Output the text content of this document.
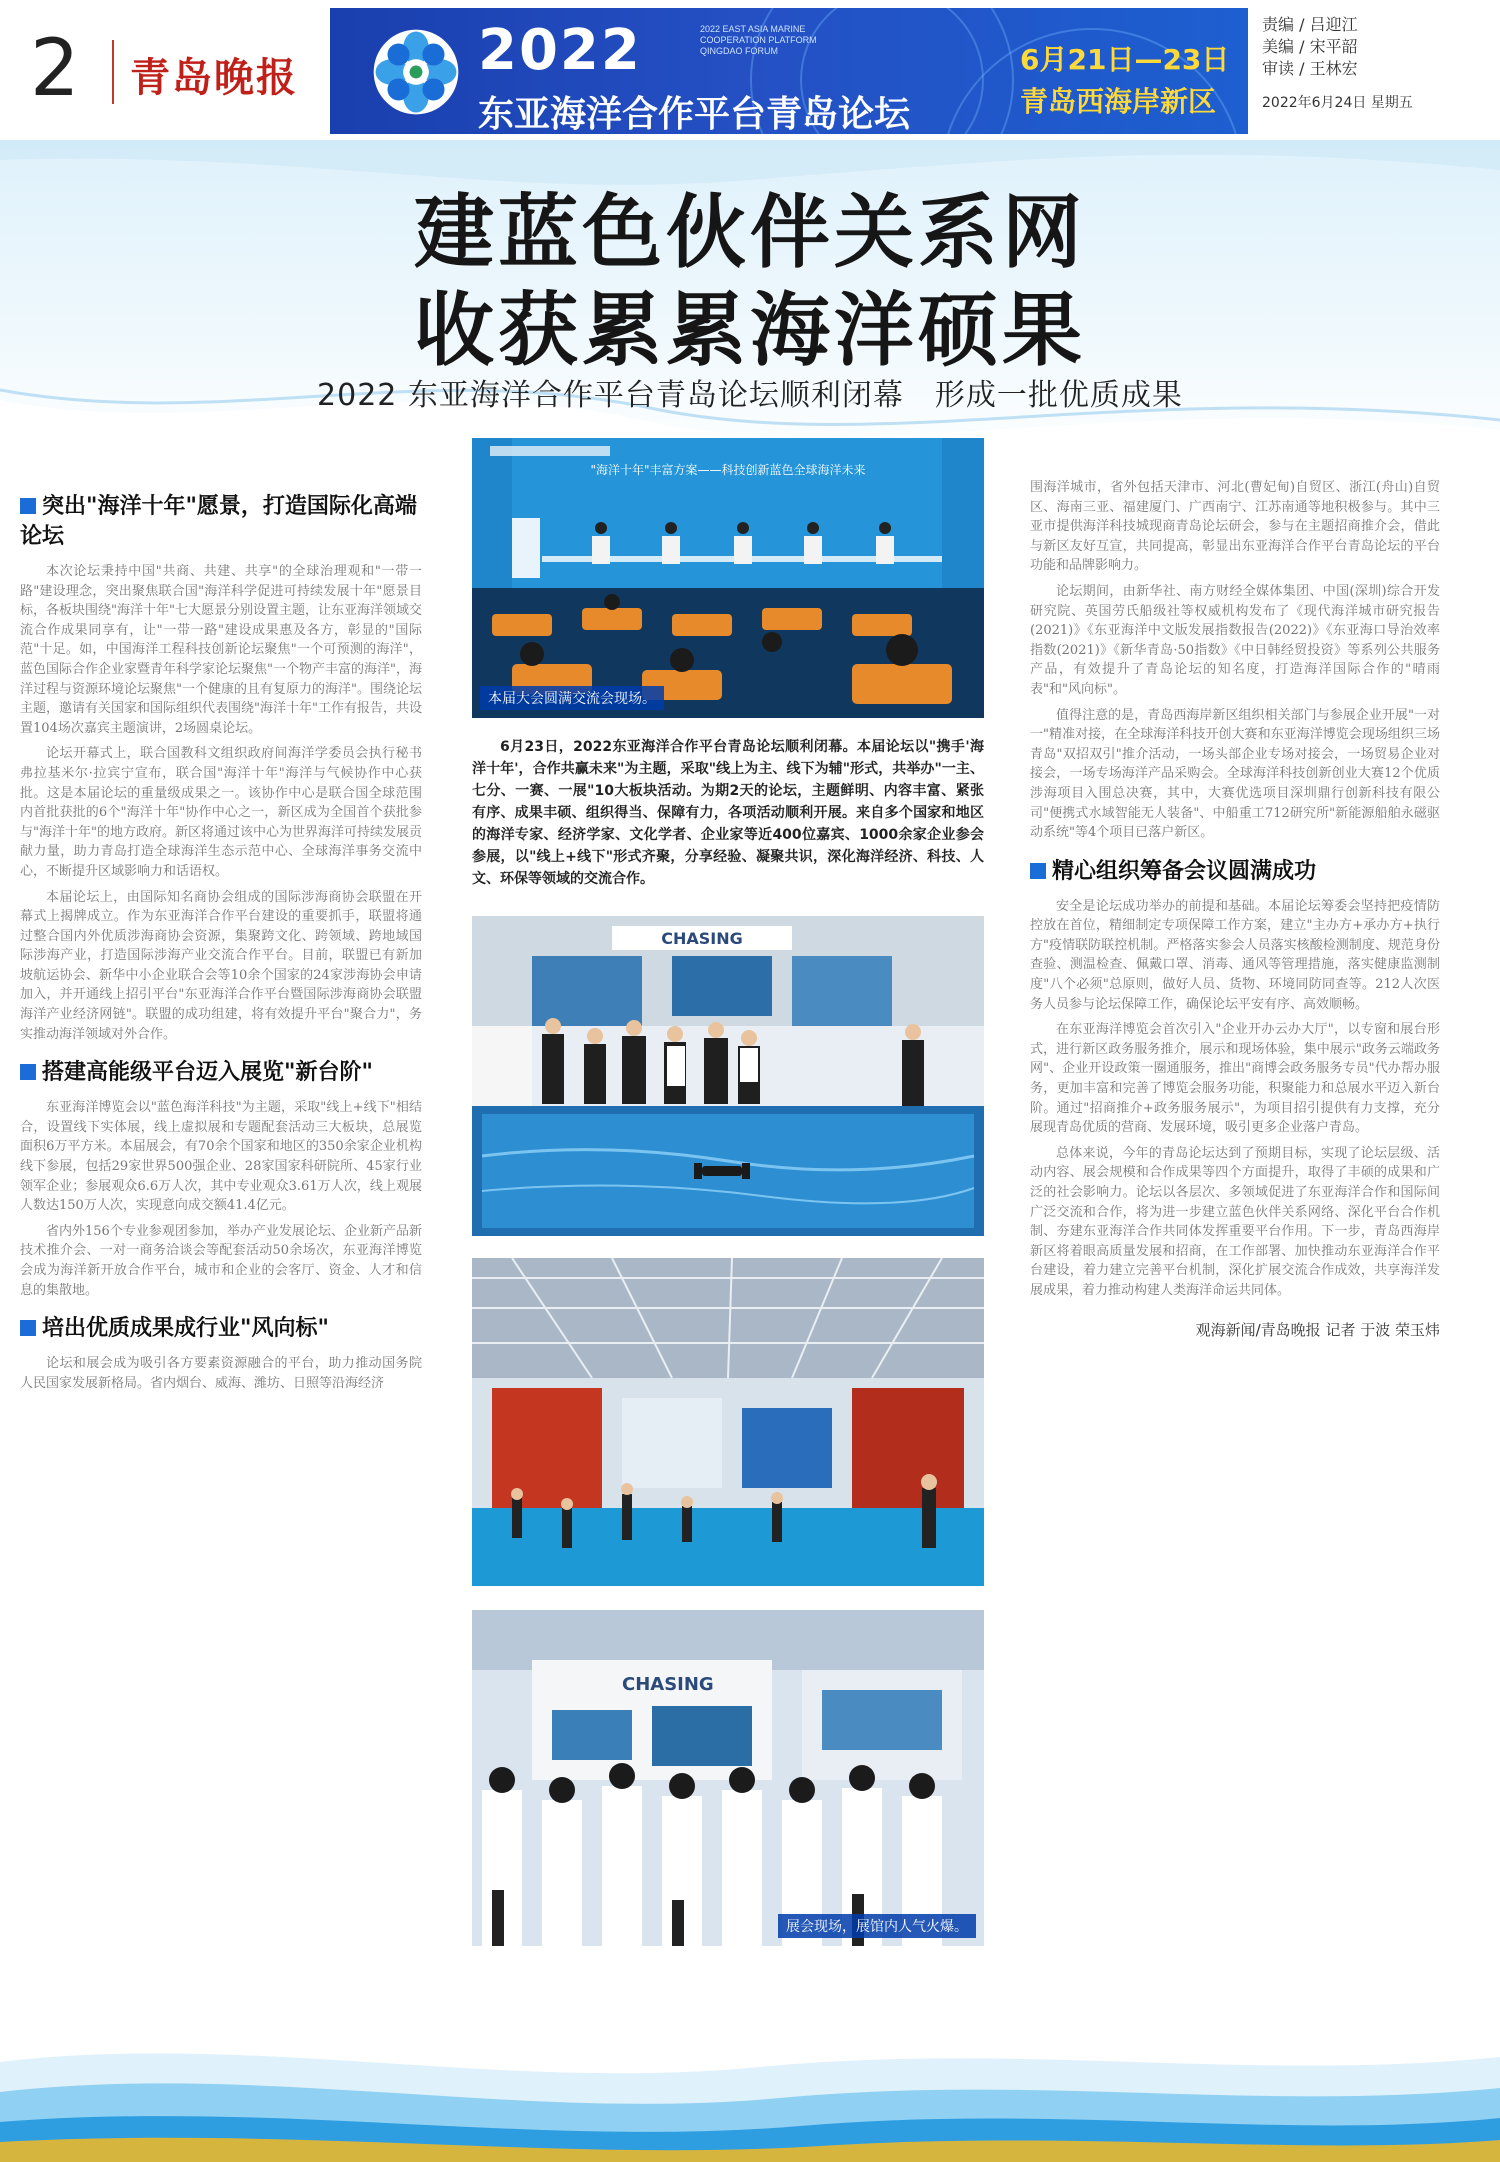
2 青岛晚报	2022	2022 EAST ASIA MARINE COOPERATION PLATFORM QINGDAO FORUM
东亚海洋合作平台青岛论坛
6月21日—23日
青岛西海岸新区
责编 / 吕迎江
美编 / 宋平韶
审读 / 王林宏
2022年6月24日 星期五
建蓝色伙伴关系网
收获累累海洋硕果
2022 东亚海洋合作平台青岛论坛顺利闭幕　形成一批优质成果
突出"海洋十年"愿景，打造国际化高端论坛

本次论坛秉持中国"共商、共建、共享"的全球治理观和"一带一路"建设理念，突出聚焦联合国"海洋科学促进可持续发展十年"愿景目标，各板块围绕"海洋十年"七大愿景分别设置主题，让东亚海洋领域交流合作成果同享有，让"一带一路"建设成果惠及各方，彰显的"国际范"十足。如，中国海洋工程科技创新论坛聚焦"一个可预测的海洋"，蓝色国际合作企业家暨青年科学家论坛聚焦"一个物产丰富的海洋"，海洋过程与资源环境论坛聚焦"一个健康的且有复原力的海洋"。围绕论坛主题，邀请有关国家和国际组织代表围绕"海洋十年"工作有报告，共设置104场次嘉宾主题演讲，2场圆桌论坛。

论坛开幕式上，联合国教科文组织政府间海洋学委员会执行秘书弗拉基米尔·拉宾宁宣布，联合国"海洋十年"海洋与气候协作中心获批。这是本届论坛的重量级成果之一。该协作中心是联合国全球范围内首批获批的6个"海洋十年"协作中心之一，新区成为全国首个获批参与"海洋十年"的地方政府。新区将通过该中心为世界海洋可持续发展贡献力量，助力青岛打造全球海洋生态示范中心、全球海洋事务交流中心，不断提升区域影响力和话语权。

本届论坛上，由国际知名商协会组成的国际涉海商协会联盟在开幕式上揭牌成立。作为东亚海洋合作平台建设的重要抓手，联盟将通过整合国内外优质涉海商协会资源，集聚跨文化、跨领域、跨地域国际涉海产业，打造国际涉海产业交流合作平台。目前，联盟已有新加坡航运协会、新华中小企业联合会等10余个国家的24家涉海协会申请加入，并开通线上招引平台"东亚海洋合作平台暨国际涉海商协会联盟海洋产业经济网链"。联盟的成功组建，将有效提升平台"聚合力"，务实推动海洋领域对外合作。

搭建高能级平台迈入展览"新台阶"

东亚海洋博览会以"蓝色海洋科技"为主题，采取"线上+线下"相结合，设置线下实体展，线上虚拟展和专题配套活动三大板块，总展览面积6万平方米。本届展会，有70余个国家和地区的350余家企业机构线下参展，包括29家世界500强企业、28家国家科研院所、45家行业领军企业；参展观众6.6万人次，其中专业观众3.61万人次，线上观展人数达150万人次，实现意向成交额41.4亿元。

省内外156个专业参观团参加，举办产业发展论坛、企业新产品新技术推介会、一对一商务洽谈会等配套活动50余场次，东亚海洋博览会成为海洋新开放合作平台，城市和企业的会客厅、资金、人才和信息的集散地。

培出优质成果成行业"风向标"

论坛和展会成为吸引各方要素资源融合的平台，助力推动国务院人民国家发展新格局。省内烟台、威海、潍坊、日照等沿海经济

"海洋十年"丰富方案——科技创新蓝色全球海洋未来
本届大会圆满交流会现场。

6月23日，2022东亚海洋合作平台青岛论坛顺利闭幕。本届论坛以"携手'海洋十年'，合作共赢未来"为主题，采取"线上为主、线下为辅"形式，共举办"一主、七分、一赛、一展"10大板块活动。为期2天的论坛，主题鲜明、内容丰富、紧张有序、成果丰硕、组织得当、保障有力，各项活动顺利开展。来自多个国家和地区的海洋专家、经济学家、文化学者、企业家等近400位嘉宾、1000余家企业参会参展，以"线上+线下"形式齐聚，分享经验、凝聚共识，深化海洋经济、科技、人文、环保等领域的交流合作。

CHASING
CHASING
展会现场，展馆内人气火爆。

围海洋城市，省外包括天津市、河北(曹妃甸)自贸区、浙江(舟山)自贸区、海南三亚、福建厦门、广西南宁、江苏南通等地积极参与。其中三亚市提供海洋科技城现商青岛论坛研会，参与在主题招商推介会，借此与新区友好互宣，共同提高，彰显出东亚海洋合作平台青岛论坛的平台功能和品牌影响力。

论坛期间，由新华社、南方财经全媒体集团、中国(深圳)综合开发研究院、英国劳氏船级社等权威机构发布了《现代海洋城市研究报告(2021)》《东亚海洋中文版发展指数报告(2022)》《东亚海口导治效率指数(2021)》《新华青岛·50指数》《中日韩经贸投资》等系列公共服务产品，有效提升了青岛论坛的知名度，打造海洋国际合作的"晴雨表"和"风向标"。

值得注意的是，青岛西海岸新区组织相关部门与参展企业开展"一对一"精准对接，在全球海洋科技开创大赛和东亚海洋博览会现场组织三场青岛"双招双引"推介活动，一场头部企业专场对接会，一场贸易企业对接会，一场专场海洋产品采购会。全球海洋科技创新创业大赛12个优质涉海项目入围总决赛，其中，大赛优选项目深圳鼎行创新科技有限公司"便携式水域智能无人装备"、中船重工712研究所"新能源船舶永磁驱动系统"等4个项目已落户新区。

精心组织筹备会议圆满成功

安全是论坛成功举办的前提和基础。本届论坛筹委会坚持把疫情防控放在首位，精细制定专项保障工作方案，建立"主办方+承办方+执行方"疫情联防联控机制。严格落实参会人员落实核酸检测制度、规范身份查验、测温检查、佩戴口罩、消毒、通风等管理措施，落实健康监测制度"八个必须"总原则，做好人员、货物、环境同防同查等。212人次医务人员参与论坛保障工作，确保论坛平安有序、高效顺畅。

在东亚海洋博览会首次引入"企业开办云办大厅"，以专窗和展台形式，进行新区政务服务推介，展示和现场体验，集中展示"政务云端政务网"、企业开设政策一圈通服务，推出"商博会政务服务专员"代办帮办服务，更加丰富和完善了博览会服务功能，积聚能力和总展水平迈入新台阶。通过"招商推介+政务服务展示"，为项目招引提供有力支撑，充分展现青岛优质的营商、发展环境，吸引更多企业落户青岛。

总体来说，今年的青岛论坛达到了预期目标，实现了论坛层级、活动内容、展会规模和合作成果等四个方面提升，取得了丰硕的成果和广泛的社会影响力。论坛以各层次、多领域促进了东亚海洋合作和国际间广泛交流和合作，将为进一步建立蓝色伙伴关系网络、深化平台合作机制、夯建东亚海洋合作共同体发挥重要平台作用。下一步，青岛西海岸新区将着眼高质量发展和招商，在工作部署、加快推动东亚海洋合作平台建设，着力建立完善平台机制，深化扩展交流合作成效，共享海洋发展成果，着力推动构建人类海洋命运共同体。

观海新闻/青岛晚报 记者 于波 荣玉炜
